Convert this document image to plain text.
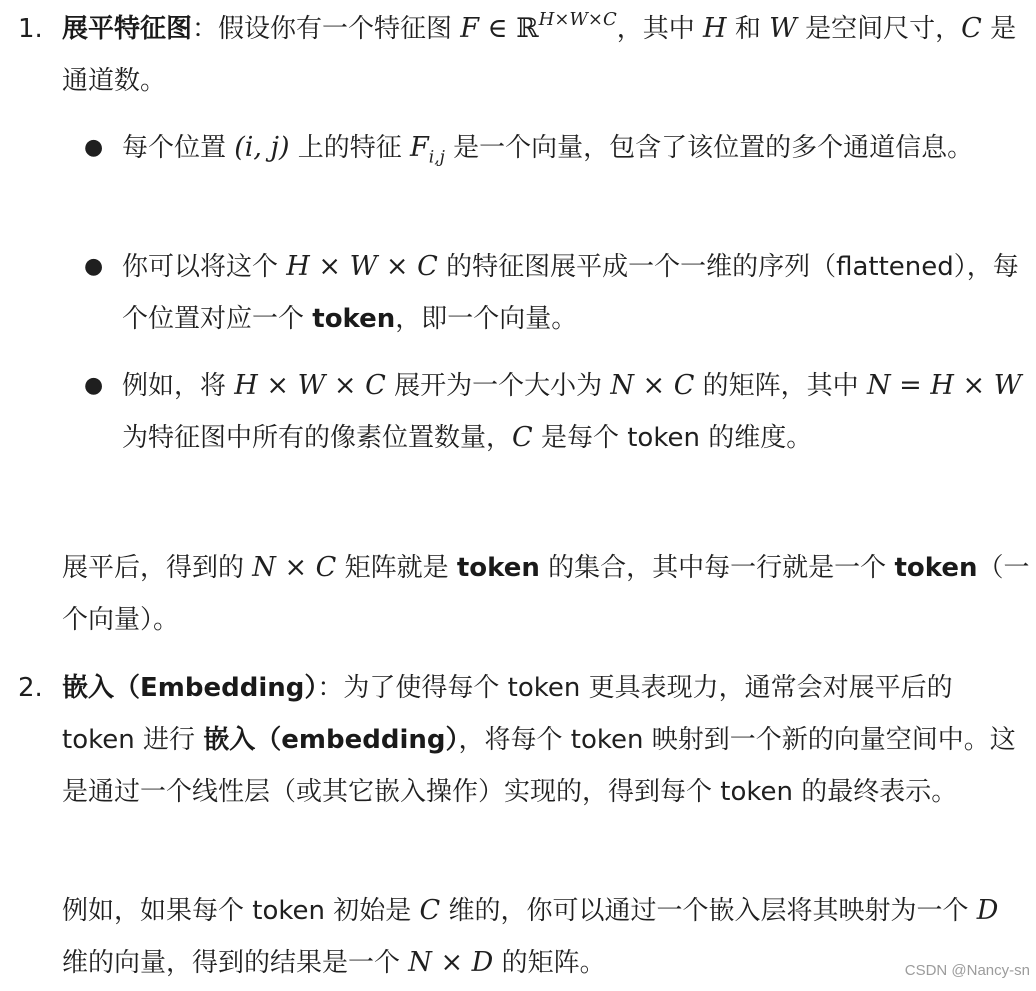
1. 展平特征图：假设你有一个特征图 F ∈ ℝ$^{H\times W\times C}$，其中 H 和 W 是空间尺寸，C 是通道数。
● 每个位置 (i, j) 上的特征 $F_{i,j}$ 是一个向量，包含了该位置的多个通道信息。
● 你可以将这个 H × W × C 的特征图展平成一个一维的序列（flattened），每个位置对应一个 token，即一个向量。
● 例如，将 H × W × C 展开为一个大小为 N × C 的矩阵，其中 N = H × W 为特征图中所有的像素位置数量，C 是每个 token 的维度。
展平后，得到的 N × C 矩阵就是 token 的集合，其中每一行就是一个 token（一个向量）。
2. 嵌入（Embedding）：为了使得每个 token 更具表现力，通常会对展平后的 token 进行 嵌入（embedding），将每个 token 映射到一个新的向量空间中。这是通过一个线性层（或其它嵌入操作）实现的，得到每个 token 的最终表示。
例如，如果每个 token 初始是 C 维的，你可以通过一个嵌入层将其映射为一个 D 维的向量，得到的结果是一个 N × D 的矩阵。	CSDN @Nancy-sn
